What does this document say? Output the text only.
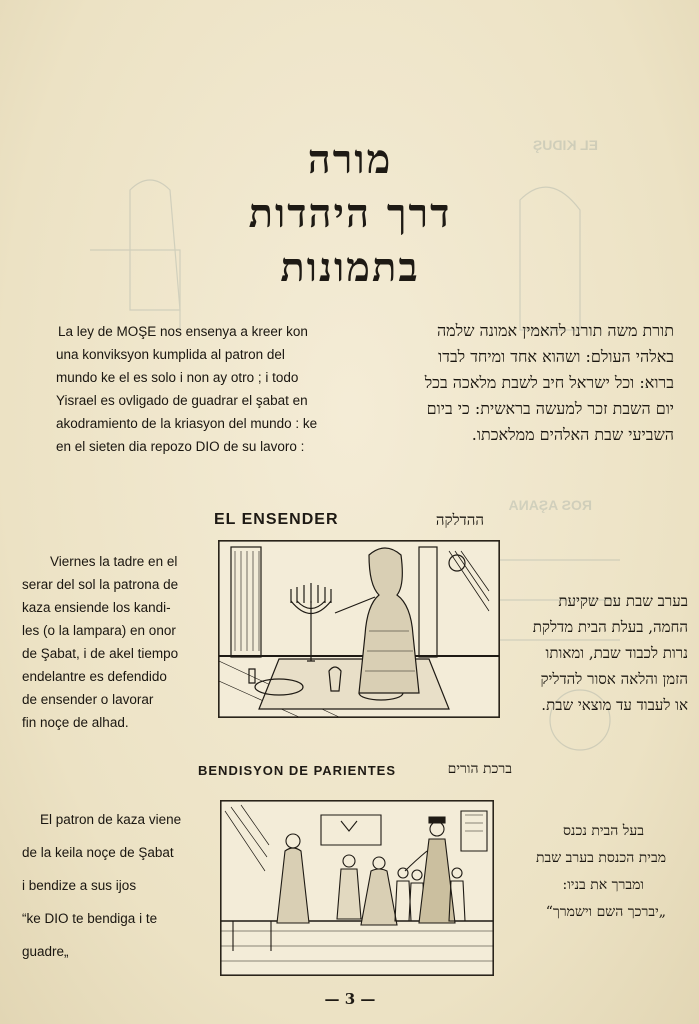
EL KIDUŞ
ROS AŞANA
מורה
דרך היהדות
בתמונות
La ley de MOŞE nos ensenya a kreer kon
una konviksyon kumplida al patron del
mundo ke el es solo i non ay otro ; i todo
Yisrael es ovligado de guadrar el şabat en
akodramiento de la kriasyon del mundo : ke
en el sieten dia repozo DIO de su lavoro :
תורת משה תורנו להאמין אמונה שלמה
באלהי העולם: ושהוא אחד ומיחד לבדו
ברוא: וכל ישראל חיב לשבת מלאכה בכל
יום השבת זכר למעשה בראשית: כי ביום
השביעי שבת האלהים ממלאכתו.
EL ENSENDER	ההדלקה
Viernes la tadre en el
serar del sol la patrona de
kaza ensiende los kandi-
les (o la lampara) en onor
de Şabat, i de akel tiempo
endelantre es defendido
de ensender o lavorar
fin noçe de alhad.
בערב שבת עם שקיעת
החמה, בעלת הבית מדלקת
נרות לכבוד שבת, ומאותו
הזמן והלאה אסור להדליק
או לעבוד עד מוצאי שבת.
BENDISYON DE PARIENTES	ברכת הורים
El patron de kaza viene
de la keila noçe de Şabat
i bendize a sus ijos
“ke DIO te bendiga i te
guadre„
בעל הבית נכנס
מבית הכנסת בערב שבת
ומברך את בניו:
„יברכך השם וישמרך“
— 3 —
